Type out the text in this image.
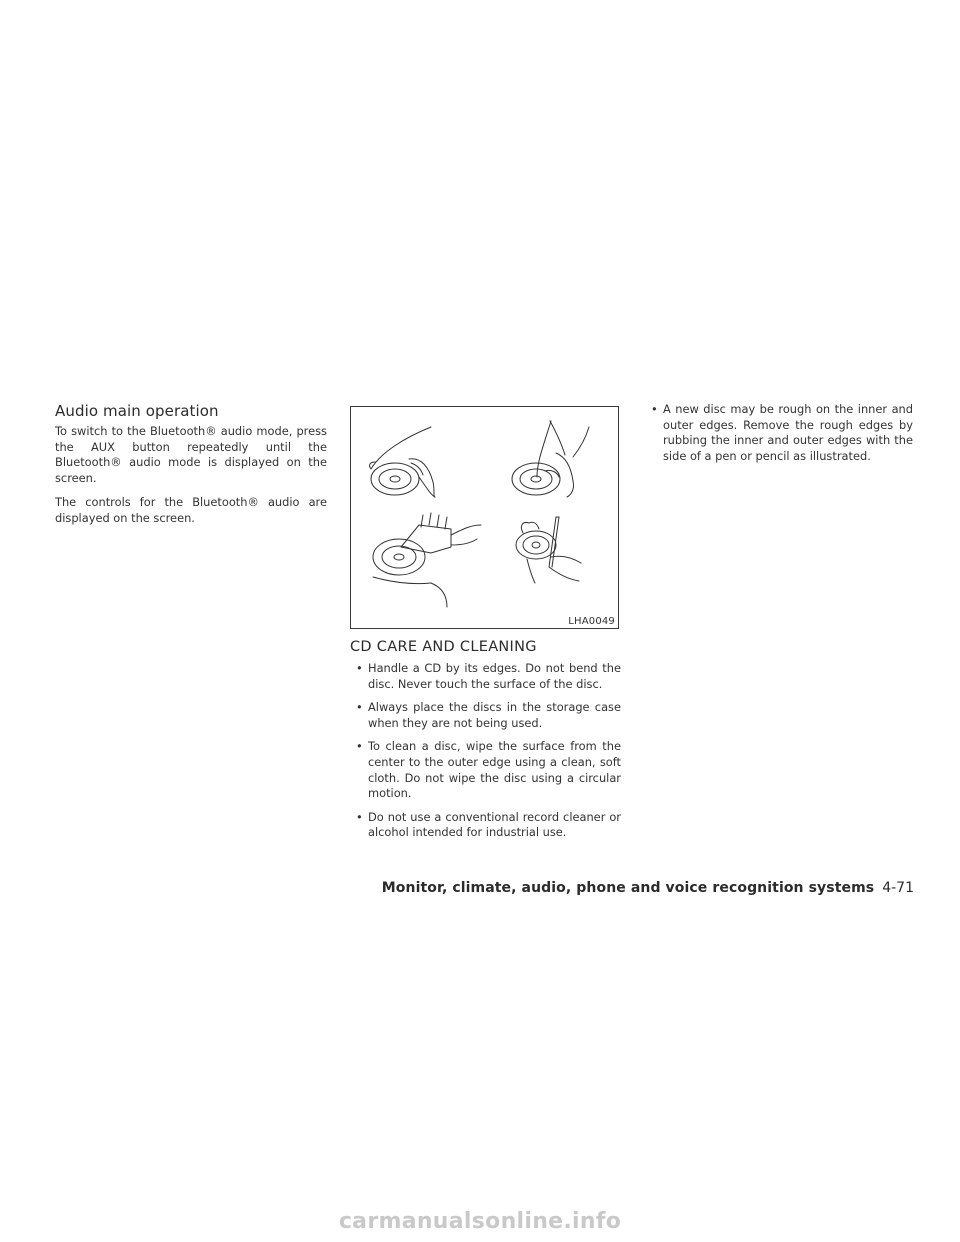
Audio main operation

To switch to the Bluetooth® audio mode, press the AUX button repeatedly until the Bluetooth® audio mode is displayed on the screen.

The controls for the Bluetooth® audio are displayed on the screen.

LHA0049
CD CARE AND CLEANING
• Handle a CD by its edges. Do not bend the disc. Never touch the surface of the disc.
• Always place the discs in the storage case when they are not being used.
• To clean a disc, wipe the surface from the center to the outer edge using a clean, soft cloth. Do not wipe the disc using a circular motion.
• Do not use a conventional record cleaner or alcohol intended for industrial use.
• A new disc may be rough on the inner and outer edges. Remove the rough edges by rubbing the inner and outer edges with the side of a pen or pencil as illustrated.
Monitor, climate, audio, phone and voice recognition systems 4-71
carmanualsonline.info
